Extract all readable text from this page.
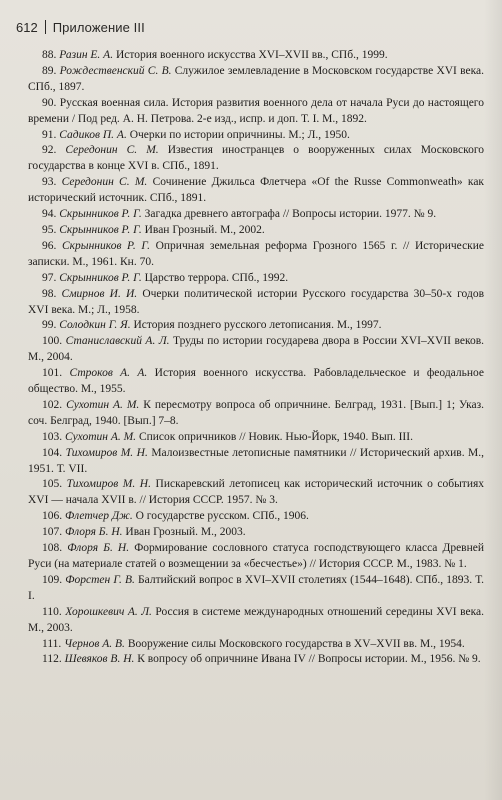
612 Приложение III

88. Разин Е. А. История военного искусства XVI–XVII вв., СПб., 1999.

89. Рождественский С. В. Служилое землевладение в Московском государстве XVI века. СПб., 1897.

90. Русская военная сила. История развития военного дела от начала Руси до настоящего времени / Под ред. А. Н. Петрова. 2-е изд., испр. и доп. Т. I. М., 1892.

91. Садиков П. А. Очерки по истории опричнины. М.; Л., 1950.

92. Середонин С. М. Известия иностранцев о вооруженных силах Московского государства в конце XVI в. СПб., 1891.

93. Середонин С. М. Сочинение Джильса Флетчера «Of the Russe Commonweath» как исторический источник. СПб., 1891.

94. Скрынников Р. Г. Загадка древнего автографа // Вопросы истории. 1977. № 9.

95. Скрынников Р. Г. Иван Грозный. М., 2002.

96. Скрынников Р. Г. Опричная земельная реформа Грозного 1565 г. // Исторические записки. М., 1961. Кн. 70.

97. Скрынников Р. Г. Царство террора. СПб., 1992.

98. Смирнов И. И. Очерки политической истории Русского государства 30–50-х годов XVI века. М.; Л., 1958.

99. Солодкин Г. Я. История позднего русского летописания. М., 1997.

100. Станиславский А. Л. Труды по истории государева двора в России XVI–XVII веков. М., 2004.

101. Строков А. А. История военного искусства. Рабовладельческое и феодальное общество. М., 1955.

102. Сухотин А. М. К пересмотру вопроса об опричнине. Белград, 1931. [Вып.] 1; Указ. соч. Белград, 1940. [Вып.] 7–8.

103. Сухотин А. М. Список опричников // Новик. Нью-Йорк, 1940. Вып. III.

104. Тихомиров М. Н. Малоизвестные летописные памятники // Исторический архив. М., 1951. Т. VII.

105. Тихомиров М. Н. Пискаревский летописец как исторический источник о событиях XVI — начала XVII в. // История СССР. 1957. № 3.

106. Флетчер Дж. О государстве русском. СПб., 1906.

107. Флоря Б. Н. Иван Грозный. М., 2003.

108. Флоря Б. Н. Формирование сословного статуса господствующего класса Древней Руси (на материале статей о возмещении за «бесчестье») // История СССР. М., 1983. № 1.

109. Форстен Г. В. Балтийский вопрос в XVI–XVII столетиях (1544–1648). СПб., 1893. Т. I.

110. Хорошкевич А. Л. Россия в системе международных отношений середины XVI века. М., 2003.

111. Чернов А. В. Вооружение силы Московского государства в XV–XVII вв. М., 1954.

112. Шевяков В. Н. К вопросу об опричнине Ивана IV // Вопросы истории. М., 1956. № 9.
